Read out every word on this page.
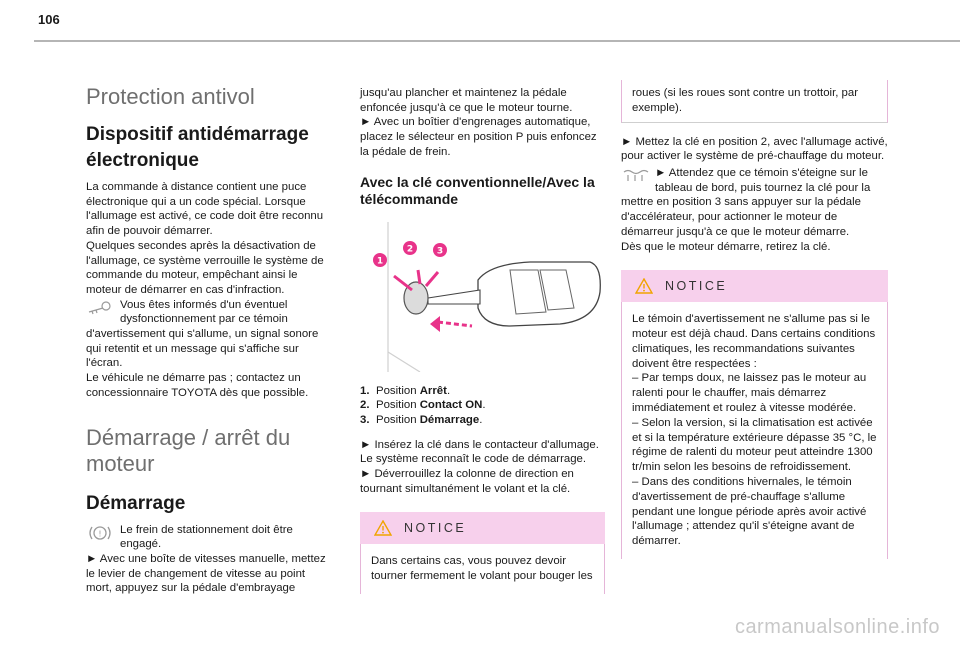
106
Protection antivol
Dispositif antidémarrage
électronique
La commande à distance contient une puce électronique qui a un code spécial. Lorsque l'allumage est activé, ce code doit être reconnu afin de pouvoir démarrer.
Quelques secondes après la désactivation de l'allumage, ce système verrouille le système de commande du moteur, empêchant ainsi le moteur de démarrer en cas d'infraction.
Vous êtes informés d'un éventuel dysfonctionnement par ce témoin d'avertissement qui s'allume, un signal sonore qui retentit et un message qui s'affiche sur l'écran.
Le véhicule ne démarre pas ; contactez un concessionnaire TOYOTA dès que possible.
Démarrage / arrêt du
moteur
Démarrage
!	Le frein de stationnement doit être engagé.
► Avec une boîte de vitesses manuelle, mettez le levier de changement de vitesse au point mort, appuyez sur la pédale d'embrayage
jusqu'au plancher et maintenez la pédale enfoncée jusqu'à ce que le moteur tourne.
► Avec un boîtier d'engrenages automatique, placez le sélecteur en position P puis enfoncez la pédale de frein.
Avec la clé conventionnelle/Avec la
télécommande
1
2	3
1. Position Arrêt.
2. Position Contact ON.
3. Position Démarrage.
► Insérez la clé dans le contacteur d'allumage. Le système reconnaît le code de démarrage.
► Déverrouillez la colonne de direction en tournant simultanément le volant et la clé.
NOTICE
Dans certains cas, vous pouvez devoir tourner fermement le volant pour bouger les
roues (si les roues sont contre un trottoir, par exemple).
► Mettez la clé en position 2, avec l'allumage activé, pour activer le système de pré-chauffage du moteur.
► Attendez que ce témoin s'éteigne sur le tableau de bord, puis tournez la clé pour la mettre en position 3 sans appuyer sur la pédale d'accélérateur, pour actionner le moteur de démarreur jusqu'à ce que le moteur démarre.
Dès que le moteur démarre, retirez la clé.
NOTICE
Le témoin d'avertissement ne s'allume pas si le moteur est déjà chaud. Dans certains conditions climatiques, les recommandations suivantes doivent être respectées :
– Par temps doux, ne laissez pas le moteur au ralenti pour le chauffer, mais démarrez immédiatement et roulez à vitesse modérée.
– Selon la version, si la climatisation est activée et si la température extérieure dépasse 35 °C, le régime de ralenti du moteur peut atteindre 1300 tr/min selon les besoins de refroidissement.
– Dans des conditions hivernales, le témoin d'avertissement de pré-chauffage s'allume pendant une longue période après avoir activé l'allumage ; attendez qu'il s'éteigne avant de démarrer.
carmanualsonline.info
